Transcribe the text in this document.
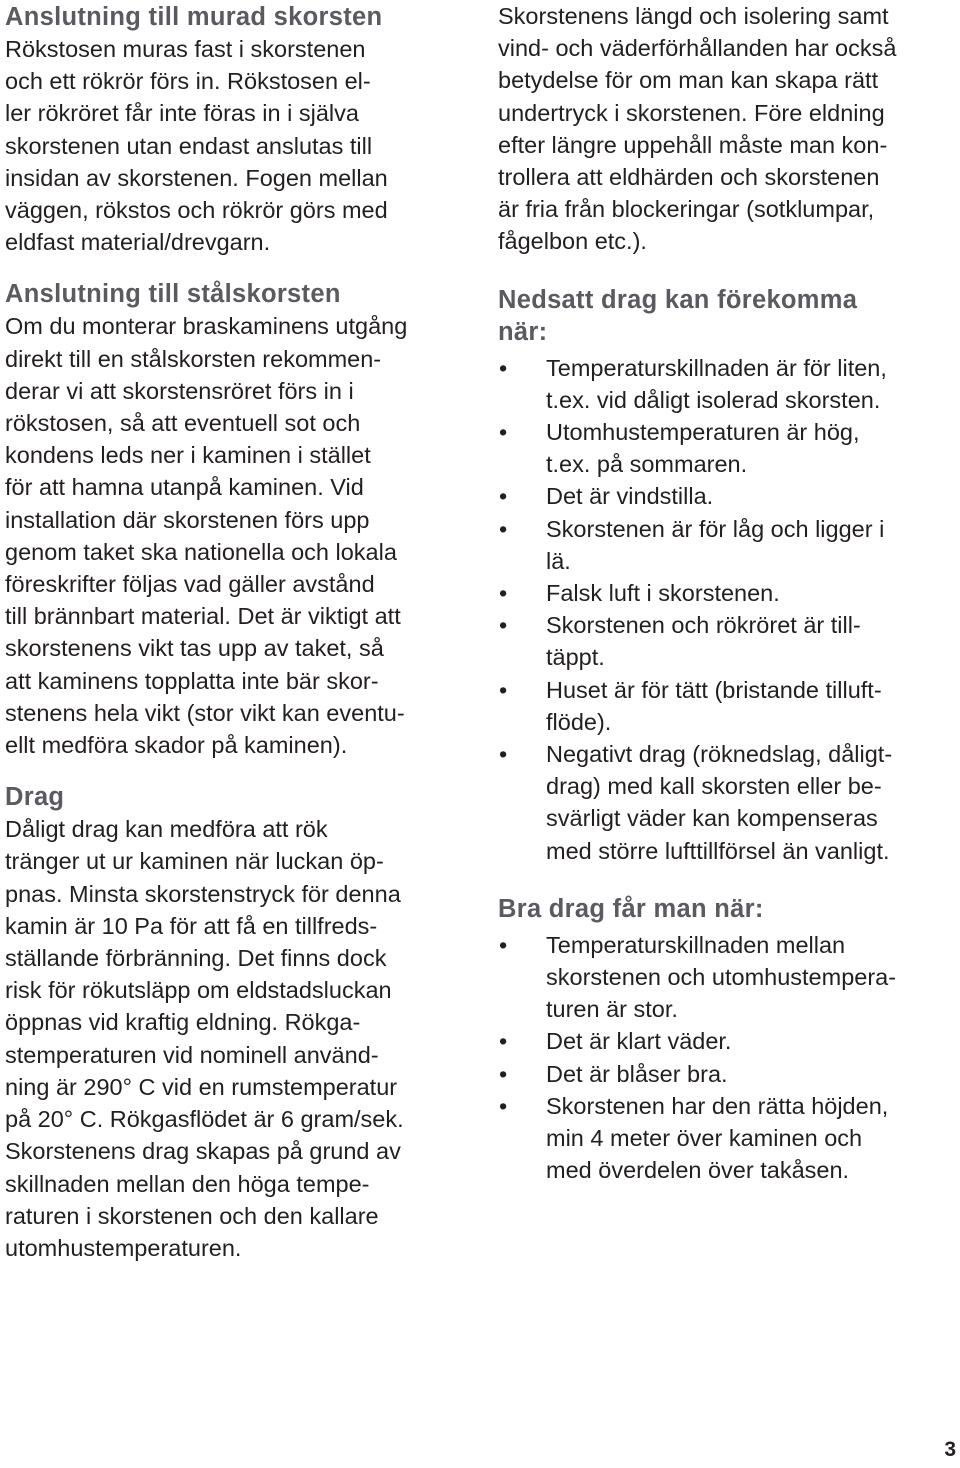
Anslutning till murad skorsten

Rökstosen muras fast i skorstenen
och ett rökrör förs in. Rökstosen el-
ler rökröret får inte föras in i själva
skorstenen utan endast anslutas till
insidan av skorstenen. Fogen mellan
väggen, rökstos och rökrör görs med
eldfast material/drevgarn.

Anslutning till stålskorsten

Om du monterar braskaminens utgång
direkt till en stålskorsten rekommen-
derar vi att skorstensröret förs in i
rökstosen, så att eventuell sot och
kondens leds ner i kaminen i stället
för att hamna utanpå kaminen. Vid
installation där skorstenen förs upp
genom taket ska nationella och lokala
föreskrifter följas vad gäller avstånd
till brännbart material. Det är viktigt att
skorstenens vikt tas upp av taket, så
att kaminens topplatta inte bär skor-
stenens hela vikt (stor vikt kan eventu-
ellt medföra skador på kaminen).

Drag

Dåligt drag kan medföra att rök
tränger ut ur kaminen när luckan öp-
pnas. Minsta skorstenstryck för denna
kamin är 10 Pa för att få en tillfreds-
ställande förbränning. Det finns dock
risk för rökutsläpp om eldstadsluckan
öppnas vid kraftig eldning. Rökga-
stemperaturen vid nominell använd-
ning är 290° C vid en rumstemperatur
på 20° C. Rökgasflödet är 6 gram/sek.
Skorstenens drag skapas på grund av
skillnaden mellan den höga tempe-
raturen i skorstenen och den kallare
utomhustemperaturen.

Skorstenens längd och isolering samt
vind- och väderförhållanden har också
betydelse för om man kan skapa rätt
undertryck i skorstenen. Före eldning
efter längre uppehåll måste man kon-
trollera att eldhärden och skorstenen
är fria från blockeringar (sotklumpar,
fågelbon etc.).

Nedsatt drag kan förekomma
när:
•	Temperaturskillnaden är för liten,
t.ex. vid dåligt isolerad skorsten.
•	Utomhustemperaturen är hög,
t.ex. på sommaren.
•	Det är vindstilla.
•	Skorstenen är för låg och ligger i
lä.
•	Falsk luft i skorstenen.
•	Skorstenen och rökröret är till-
täppt.
•	Huset är för tätt (bristande tilluft-
flöde).
•	Negativt drag (röknedslag, dåligt-
drag) med kall skorsten eller be-
svärligt väder kan kompenseras
med större lufttillförsel än vanligt.
Bra drag får man när:
•	Temperaturskillnaden mellan
skorstenen och utomhustempera-
turen är stor.
•	Det är klart väder.
•	Det är blåser bra.
•	Skorstenen har den rätta höjden,
min 4 meter över kaminen och
med överdelen över takåsen.
3
